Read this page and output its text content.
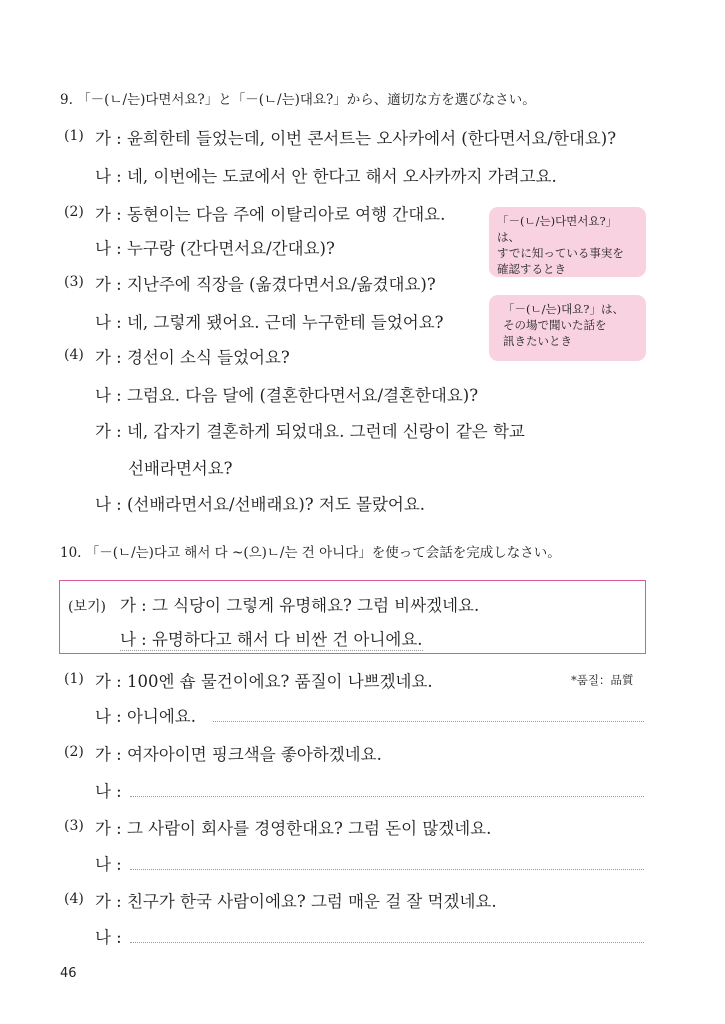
9. 「－(ㄴ/는)다면서요?」と「－(ㄴ/는)대요?」から、適切な方を選びなさい。
(1) 가 : 윤희한테 들었는데, 이번 콘서트는 오사카에서 (한다면서요/한대요)?
나 : 네, 이번에는 도쿄에서 안 한다고 해서 오사카까지 가려고요.
(2) 가 : 동현이는 다음 주에 이탈리아로 여행 간대요.
나 : 누구랑 (간다면서요/간대요)?
(3) 가 : 지난주에 직장을 (옮겼다면서요/옮겼대요)?
나 : 네, 그렇게 됐어요. 근데 누구한테 들었어요?
(4) 가 : 경선이 소식 들었어요?
나 : 그럼요. 다음 달에 (결혼한다면서요/결혼한대요)?
가 : 네, 갑자기 결혼하게 되었대요. 그런데 신랑이 같은 학교
선배라면서요?
나 : (선배라면서요/선배래요)? 저도 몰랐어요.
「－(ㄴ/는)다면서요?」は、
すでに知っている事実を
確認するとき
「－(ㄴ/는)대요?」は、
その場で聞いた話を
訊きたいとき
10. 「－(ㄴ/는)다고 해서 다 ~(으)ㄴ/는 건 아니다」を使って会話を完成しなさい。
(보기) 가 : 그 식당이 그렇게 유명해요? 그럼 비싸겠네요.
나 : 유명하다고 해서 다 비싼 건 아니에요.
(1) 가 : 100엔 숍 물건이에요? 품질이 나쁘겠네요.	*품질：品質
나 : 아니에요.
(2) 가 : 여자아이면 핑크색을 좋아하겠네요.
나 :
(3) 가 : 그 사람이 회사를 경영한대요? 그럼 돈이 많겠네요.
나 :
(4) 가 : 친구가 한국 사람이에요? 그럼 매운 걸 잘 먹겠네요.
나 :
46
